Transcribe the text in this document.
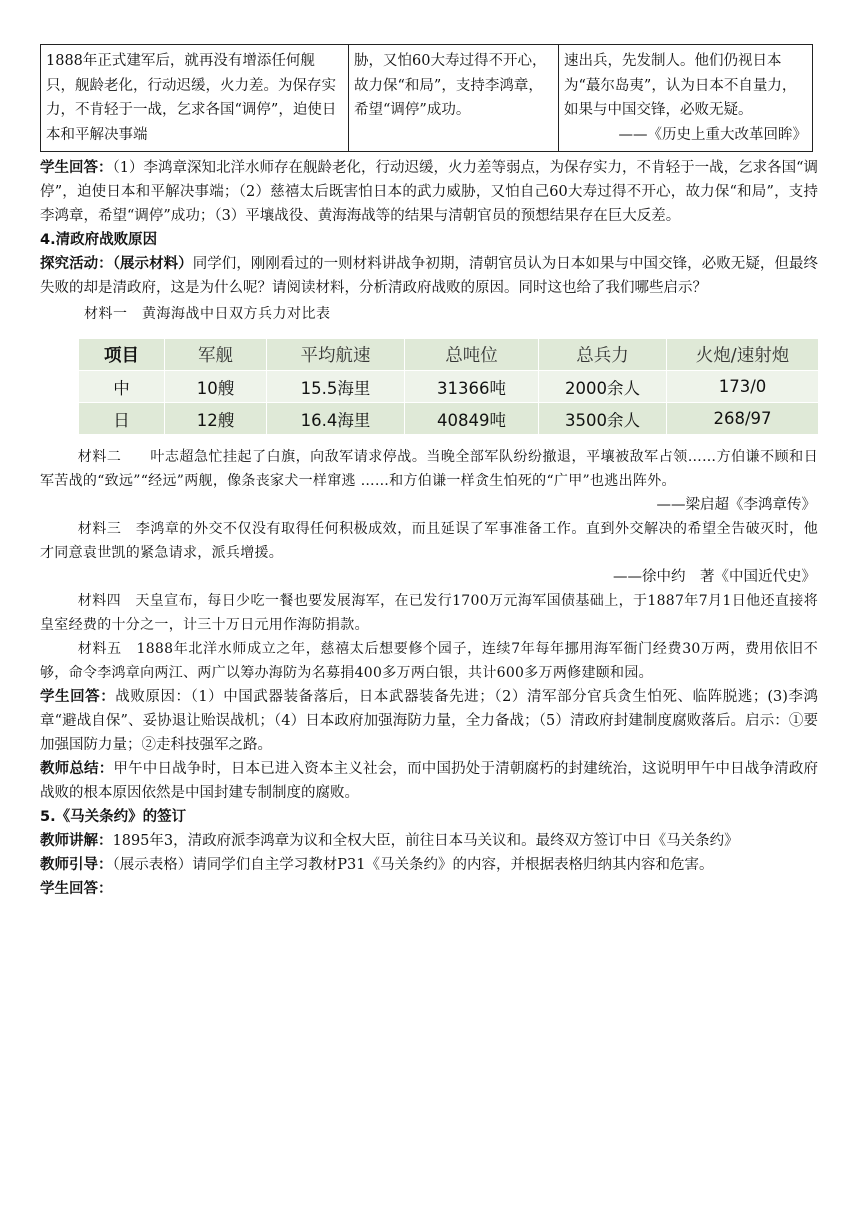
1888年正式建军后，就再没有增添任何舰只，舰龄老化，行动迟缓，火力差。为保存实力，不肯轻于一战，乞求各国“调停”，迫使日本和平解决事端	胁，又怕60大寿过得不开心，故力保“和局”，支持李鸿章，希望“调停”成功。	速出兵，先发制人。他们仍视日本为“蕞尔岛夷”，认为日本不自量力，如果与中国交锋，必败无疑。
——《历史上重大改革回眸》

学生回答：（1）李鸿章深知北洋水师存在舰龄老化，行动迟缓，火力差等弱点，为保存实力，不肯轻于一战，乞求各国“调停”，迫使日本和平解决事端；（2）慈禧太后既害怕日本的武力威胁，又怕自己60大寿过得不开心，故力保“和局”，支持李鸿章，希望“调停”成功；（3）平壤战役、黄海海战等的结果与清朝官员的预想结果存在巨大反差。

4.清政府战败原因

探究活动：（展示材料）同学们，刚刚看过的一则材料讲战争初期，清朝官员认为日本如果与中国交锋，必败无疑，但最终失败的却是清政府，这是为什么呢？请阅读材料，分析清政府战败的原因。同时这也给了我们哪些启示？

材料一　黄海海战中日双方兵力对比表

项目	军舰	平均航速	总吨位	总兵力	火炮/速射炮
中	10艘	15.5海里	31366吨	2000余人	173/0
日	12艘	16.4海里	40849吨	3500余人	268/97

材料二　　叶志超急忙挂起了白旗，向敌军请求停战。当晚全部军队纷纷撤退，平壤被敌军占领……方伯谦不顾和日军苦战的“致远”“经远”两舰，像条丧家犬一样窜逃 ……和方伯谦一样贪生怕死的“广甲”也逃出阵外。

——梁启超《李鸿章传》

材料三　李鸿章的外交不仅没有取得任何积极成效，而且延误了军事准备工作。直到外交解决的希望全告破灭时，他才同意袁世凯的紧急请求，派兵增援。

——徐中约　著《中国近代史》

材料四　天皇宣布，每日少吃一餐也要发展海军，在已发行1700万元海军国债基础上，于1887年7月1日他还直接将皇室经费的十分之一，计三十万日元用作海防捐款。

材料五　1888年北洋水师成立之年，慈禧太后想要修个园子，连续7年每年挪用海军衙门经费30万两，费用依旧不够，命令李鸿章向两江、两广以筹办海防为名募捐400多万两白银，共计600多万两修建颐和园。

学生回答：战败原因：（1）中国武器装备落后，日本武器装备先进；（2）清军部分官兵贪生怕死、临阵脱逃；(3)李鸿章“避战自保”、妥协退让贻误战机；（4）日本政府加强海防力量，全力备战；（5）清政府封建制度腐败落后。启示：①要加强国防力量；②走科技强军之路。

教师总结：甲午中日战争时，日本已进入资本主义社会，而中国扔处于清朝腐朽的封建统治，这说明甲午中日战争清政府战败的根本原因依然是中国封建专制制度的腐败。

5.《马关条约》的签订

教师讲解：1895年3，清政府派李鸿章为议和全权大臣，前往日本马关议和。最终双方签订中日《马关条约》

教师引导：（展示表格）请同学们自主学习教材P31《马关条约》的内容，并根据表格归纳其内容和危害。

学生回答：
